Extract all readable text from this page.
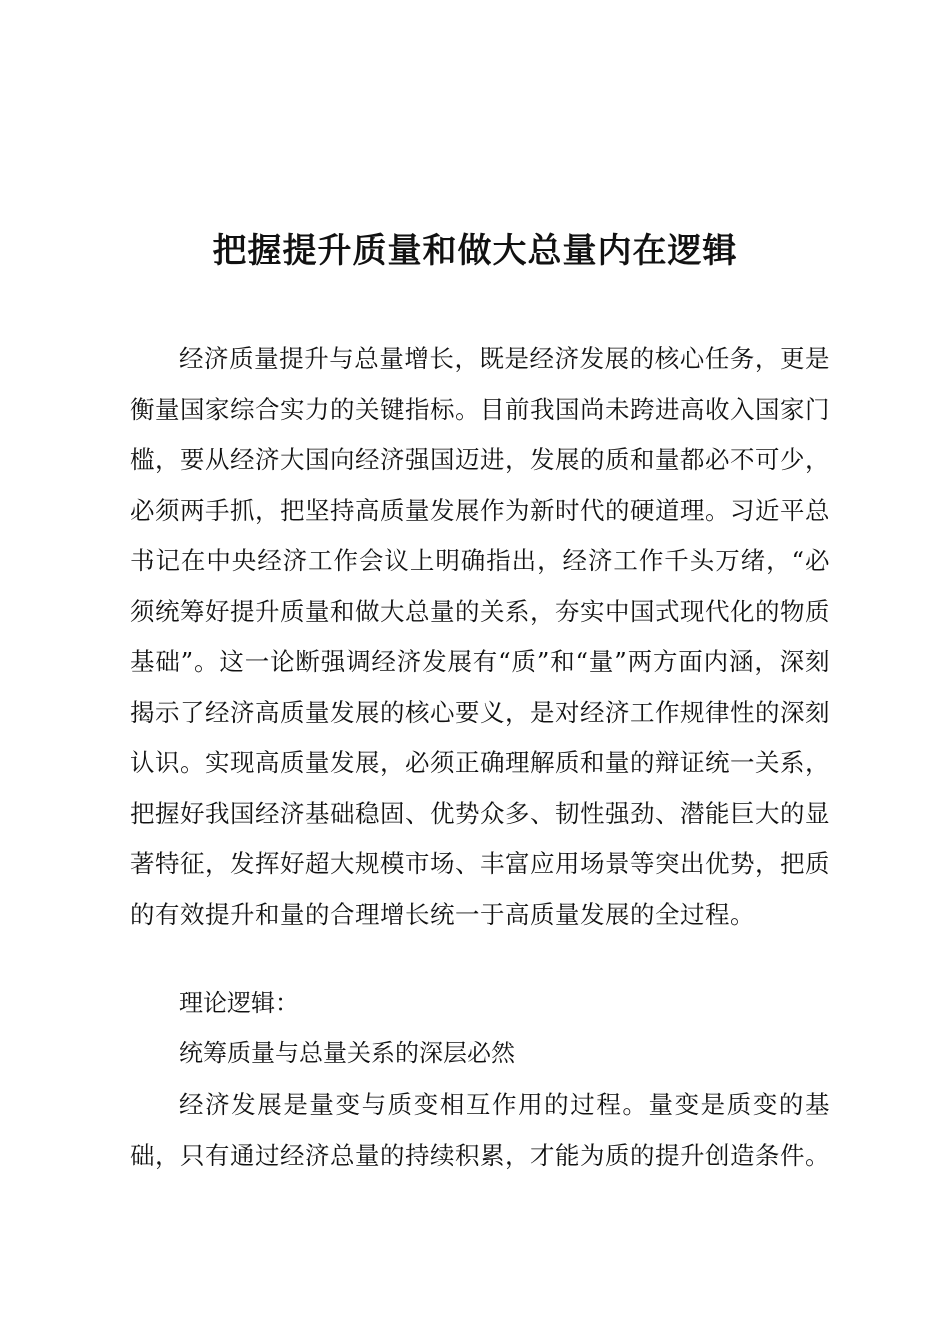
把握提升质量和做大总量内在逻辑

经济质量提升与总量增长，既是经济发展的核心任务，更是衡量国家综合实力的关键指标。目前我国尚未跨进高收入国家门槛，要从经济大国向经济强国迈进，发展的质和量都必不可少，必须两手抓，把坚持高质量发展作为新时代的硬道理。习近平总书记在中央经济工作会议上明确指出，经济工作千头万绪，“必须统筹好提升质量和做大总量的关系，夯实中国式现代化的物质基础”。这一论断强调经济发展有“质”和“量”两方面内涵，深刻揭示了经济高质量发展的核心要义，是对经济工作规律性的深刻认识。实现高质量发展，必须正确理解质和量的辩证统一关系，把握好我国经济基础稳固、优势众多、韧性强劲、潜能巨大的显著特征，发挥好超大规模市场、丰富应用场景等突出优势，把质的有效提升和量的合理增长统一于高质量发展的全过程。

理论逻辑：

统筹质量与总量关系的深层必然

经济发展是量变与质变相互作用的过程。量变是质变的基础，只有通过经济总量的持续积累，才能为质的提升创造条件。
